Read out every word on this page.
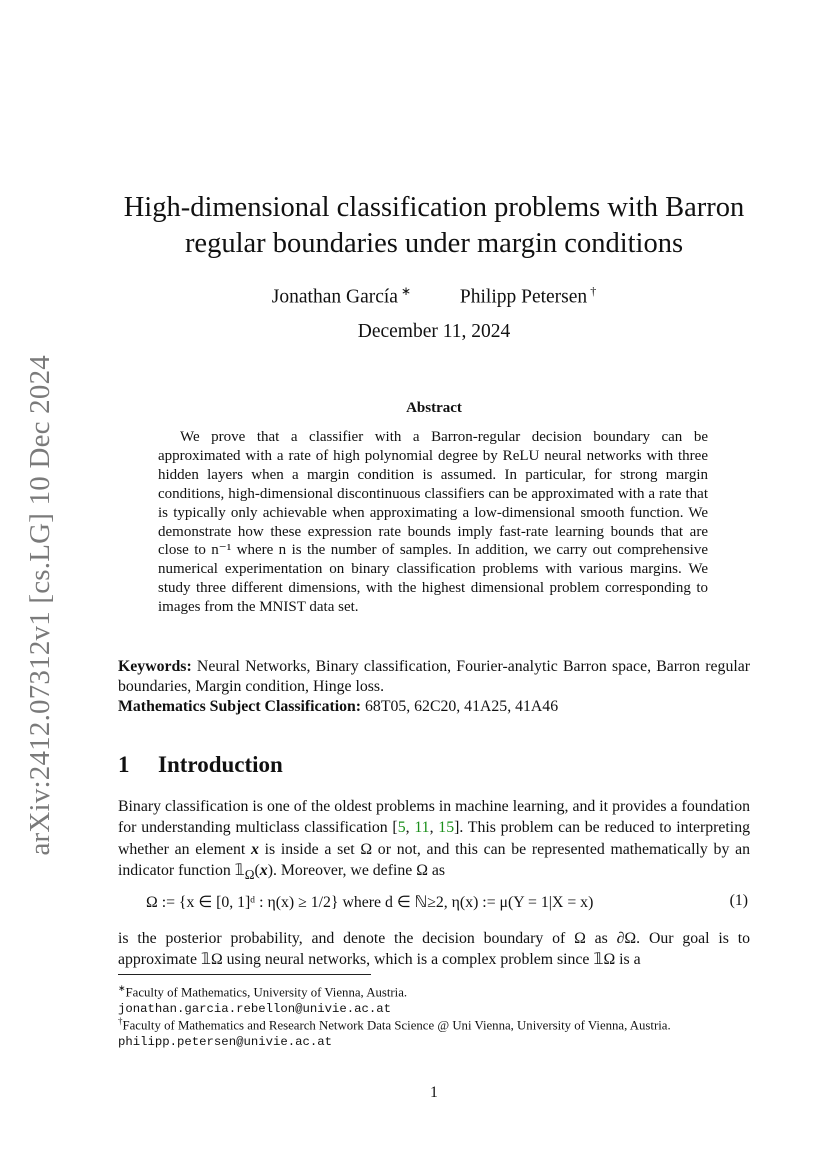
arXiv:2412.07312v1 [cs.LG] 10 Dec 2024
High-dimensional classification problems with Barron regular boundaries under margin conditions
Jonathan García ∗	Philipp Petersen †
December 11, 2024
Abstract

We prove that a classifier with a Barron-regular decision boundary can be approximated with a rate of high polynomial degree by ReLU neural networks with three hidden layers when a margin condition is assumed. In particular, for strong margin conditions, high-dimensional discontinuous classifiers can be approximated with a rate that is typically only achievable when approximating a low-dimensional smooth function. We demonstrate how these expression rate bounds imply fast-rate learning bounds that are close to n⁻¹ where n is the number of samples. In addition, we carry out comprehensive numerical experimentation on binary classification problems with various margins. We study three different dimensions, with the highest dimensional problem corresponding to images from the MNIST data set.

Keywords: Neural Networks, Binary classification, Fourier-analytic Barron space, Barron regular boundaries, Margin condition, Hinge loss.
Mathematics Subject Classification: 68T05, 62C20, 41A25, 41A46
1 Introduction

Binary classification is one of the oldest problems in machine learning, and it provides a foundation for understanding multiclass classification [5, 11, 15]. This problem can be reduced to interpreting whether an element x is inside a set Ω or not, and this can be represented mathematically by an indicator function $𝟙_\Omega(x)$. Moreover, we define Ω as

Ω := {x ∈ [0, 1]ᵈ : η(x) ≥ 1/2} where d ∈ ℕ≥2, η(x) := μ(Y = 1|X = x)	(1)

is the posterior probability, and denote the decision boundary of Ω as ∂Ω. Our goal is to approximate 𝟙Ω using neural networks, which is a complex problem since 𝟙Ω is a

∗Faculty of Mathematics, University of Vienna, Austria.
jonathan.garcia.rebellon@univie.ac.at
†Faculty of Mathematics and Research Network Data Science @ Uni Vienna, University of Vienna, Austria.
philipp.petersen@univie.ac.at
1
